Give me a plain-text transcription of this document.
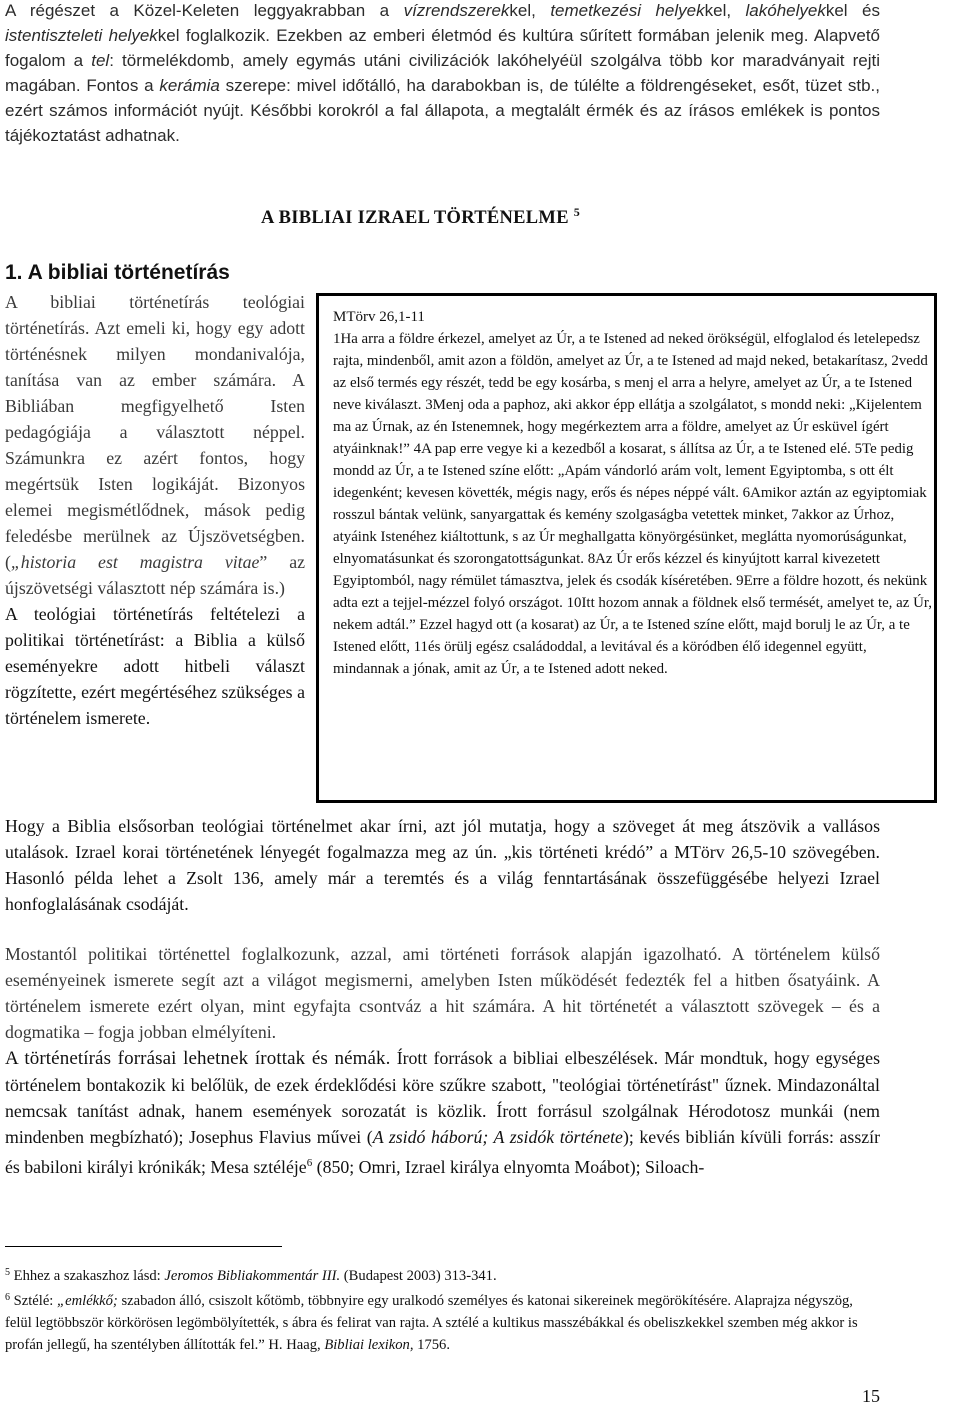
A régészet a Közel-Keleten leggyakrabban a vízrendszerekkel, temetkezési helyekkel, lakóhelyekkel és istentiszteleti helyekkel foglalkozik. Ezekben az emberi életmód és kultúra sűrített formában jelenik meg. Alapvető fogalom a tel: törmelékdomb, amely egymás utáni civilizációk lakóhelyéül szolgálva több kor maradványait rejti magában. Fontos a kerámia szerepe: mivel időtálló, ha darabokban is, de túlélte a földrengéseket, esőt, tüzet stb., ezért számos információt nyújt. Későbbi korokról a fal állapota, a megtalált érmék és az írásos emlékek is pontos tájékoztatást adhatnak.

A BIBLIAI IZRAEL TÖRTÉNELME $^5$
1. A bibliai történetírás

A bibliai történetírás teológiai történetírás. Azt emeli ki, hogy egy adott történésnek milyen mondanivalója, tanítása van az ember számára. A Bibliában megfigyelhető Isten pedagógiája a választott néppel. Számunkra ez azért fontos, hogy megértsük Isten logikáját. Bizonyos elemei megismétlődnek, mások pedig feledésbe merülnek az Újszövetségben. („historia est magistra vitae” az újszövetségi választott nép számára is.)

A teológiai történetírás feltételezi a politikai történetírást: a Biblia a külső eseményekre adott hitbeli választ rögzítette, ezért megértéséhez szükséges a történelem ismerete.

MTörv 26,1-11

1Ha arra a földre érkezel, amelyet az Úr, a te Istened ad neked örökségül, elfoglalod és letelepedsz rajta, mindenből, amit azon a földön, amelyet az Úr, a te Istened ad majd neked, betakarítasz, 2vedd az első termés egy részét, tedd be egy kosárba, s menj el arra a helyre, amelyet az Úr, a te Istened neve kiválaszt. 3Menj oda a paphoz, aki akkor épp ellátja a szolgálatot, s mondd neki: „Kijelentem ma az Úrnak, az én Istenemnek, hogy megérkeztem arra a földre, amelyet az Úr esküvel ígért atyáinknak!” 4A pap erre vegye ki a kezedből a kosarat, s állítsa az Úr, a te Istened elé. 5Te pedig mondd az Úr, a te Istened színe előtt: „Apám vándorló arám volt, lement Egyiptomba, s ott élt idegenként; kevesen követték, mégis nagy, erős és népes néppé vált. 6Amikor aztán az egyiptomiak rosszul bántak velünk, sanyargattak és kemény szolgaságba vetettek minket, 7akkor az Úrhoz, atyáink Istenéhez kiáltottunk, s az Úr meghallgatta könyörgésünket, meglátta nyomorúságunkat, elnyomatásunkat és szorongatottságunkat. 8Az Úr erős kézzel és kinyújtott karral kivezetett Egyiptomból, nagy rémület támasztva, jelek és csodák kíséretében. 9Erre a földre hozott, és nekünk adta ezt a tejjel-mézzel folyó országot. 10Itt hozom annak a földnek első termését, amelyet te, az Úr, nekem adtál.” Ezzel hagyd ott (a kosarat) az Úr, a te Istened színe előtt, majd borulj le az Úr, a te Istened előtt, 11és örülj egész családoddal, a levitával és a köródben élő idegennel együtt, mindannak a jónak, amit az Úr, a te Istened adott neked.

Hogy a Biblia elsősorban teológiai történelmet akar írni, azt jól mutatja, hogy a szöveget át meg átszövik a vallásos utalások. Izrael korai történetének lényegét fogalmazza meg az ún. „kis történeti krédó” a MTörv 26,5-10 szövegében. Hasonló példa lehet a Zsolt 136, amely már a teremtés és a világ fenntartásának összefüggésébe helyezi Izrael honfoglalásának csodáját.

Mostantól politikai történettel foglalkozunk, azzal, ami történeti források alapján igazolható. A történelem külső eseményeinek ismerete segít azt a világot megismerni, amelyben Isten működését fedezték fel a hitben ősatyáink. A történelem ismerete ezért olyan, mint egyfajta csontváz a hit számára. A hit történetét a választott szövegek – és a dogmatika – fogja jobban elmélyíteni.

A történetírás forrásai lehetnek írottak és némák. Írott források a bibliai elbeszélések. Már mondtuk, hogy egységes történelem bontakozik ki belőlük, de ezek érdeklődési köre szűkre szabott, "teológiai történetírást" űznek. Mindazonáltal nemcsak tanítást adnak, hanem események sorozatát is közlik. Írott forrásul szolgálnak Hérodotosz munkái (nem mindenben megbízható); Josephus Flavius művei (A zsidó háború; A zsidók története); kevés biblián kívüli forrás: asszír és babiloni királyi krónikák; Mesa sztéléje$^6$ (850; Omri, Izrael királya elnyomta Moábot); Siloach-

$^5$ Ehhez a szakaszhoz lásd: Jeromos Bibliakommentár III. (Budapest 2003) 313-341.

$^6$ Sztélé: „emlékkő; szabadon álló, csiszolt kőtömb, többnyire egy uralkodó személyes és katonai sikereinek megörökítésére. Alaprajza négyszög, felül legtöbbször körkörösen legömbölyítették, s ábra és felirat van rajta. A sztélé a kultikus masszébákkal és obeliszkekkel szemben még akkor is profán jellegű, ha szentélyben állították fel.” H. Haag, Bibliai lexikon, 1756.

15
